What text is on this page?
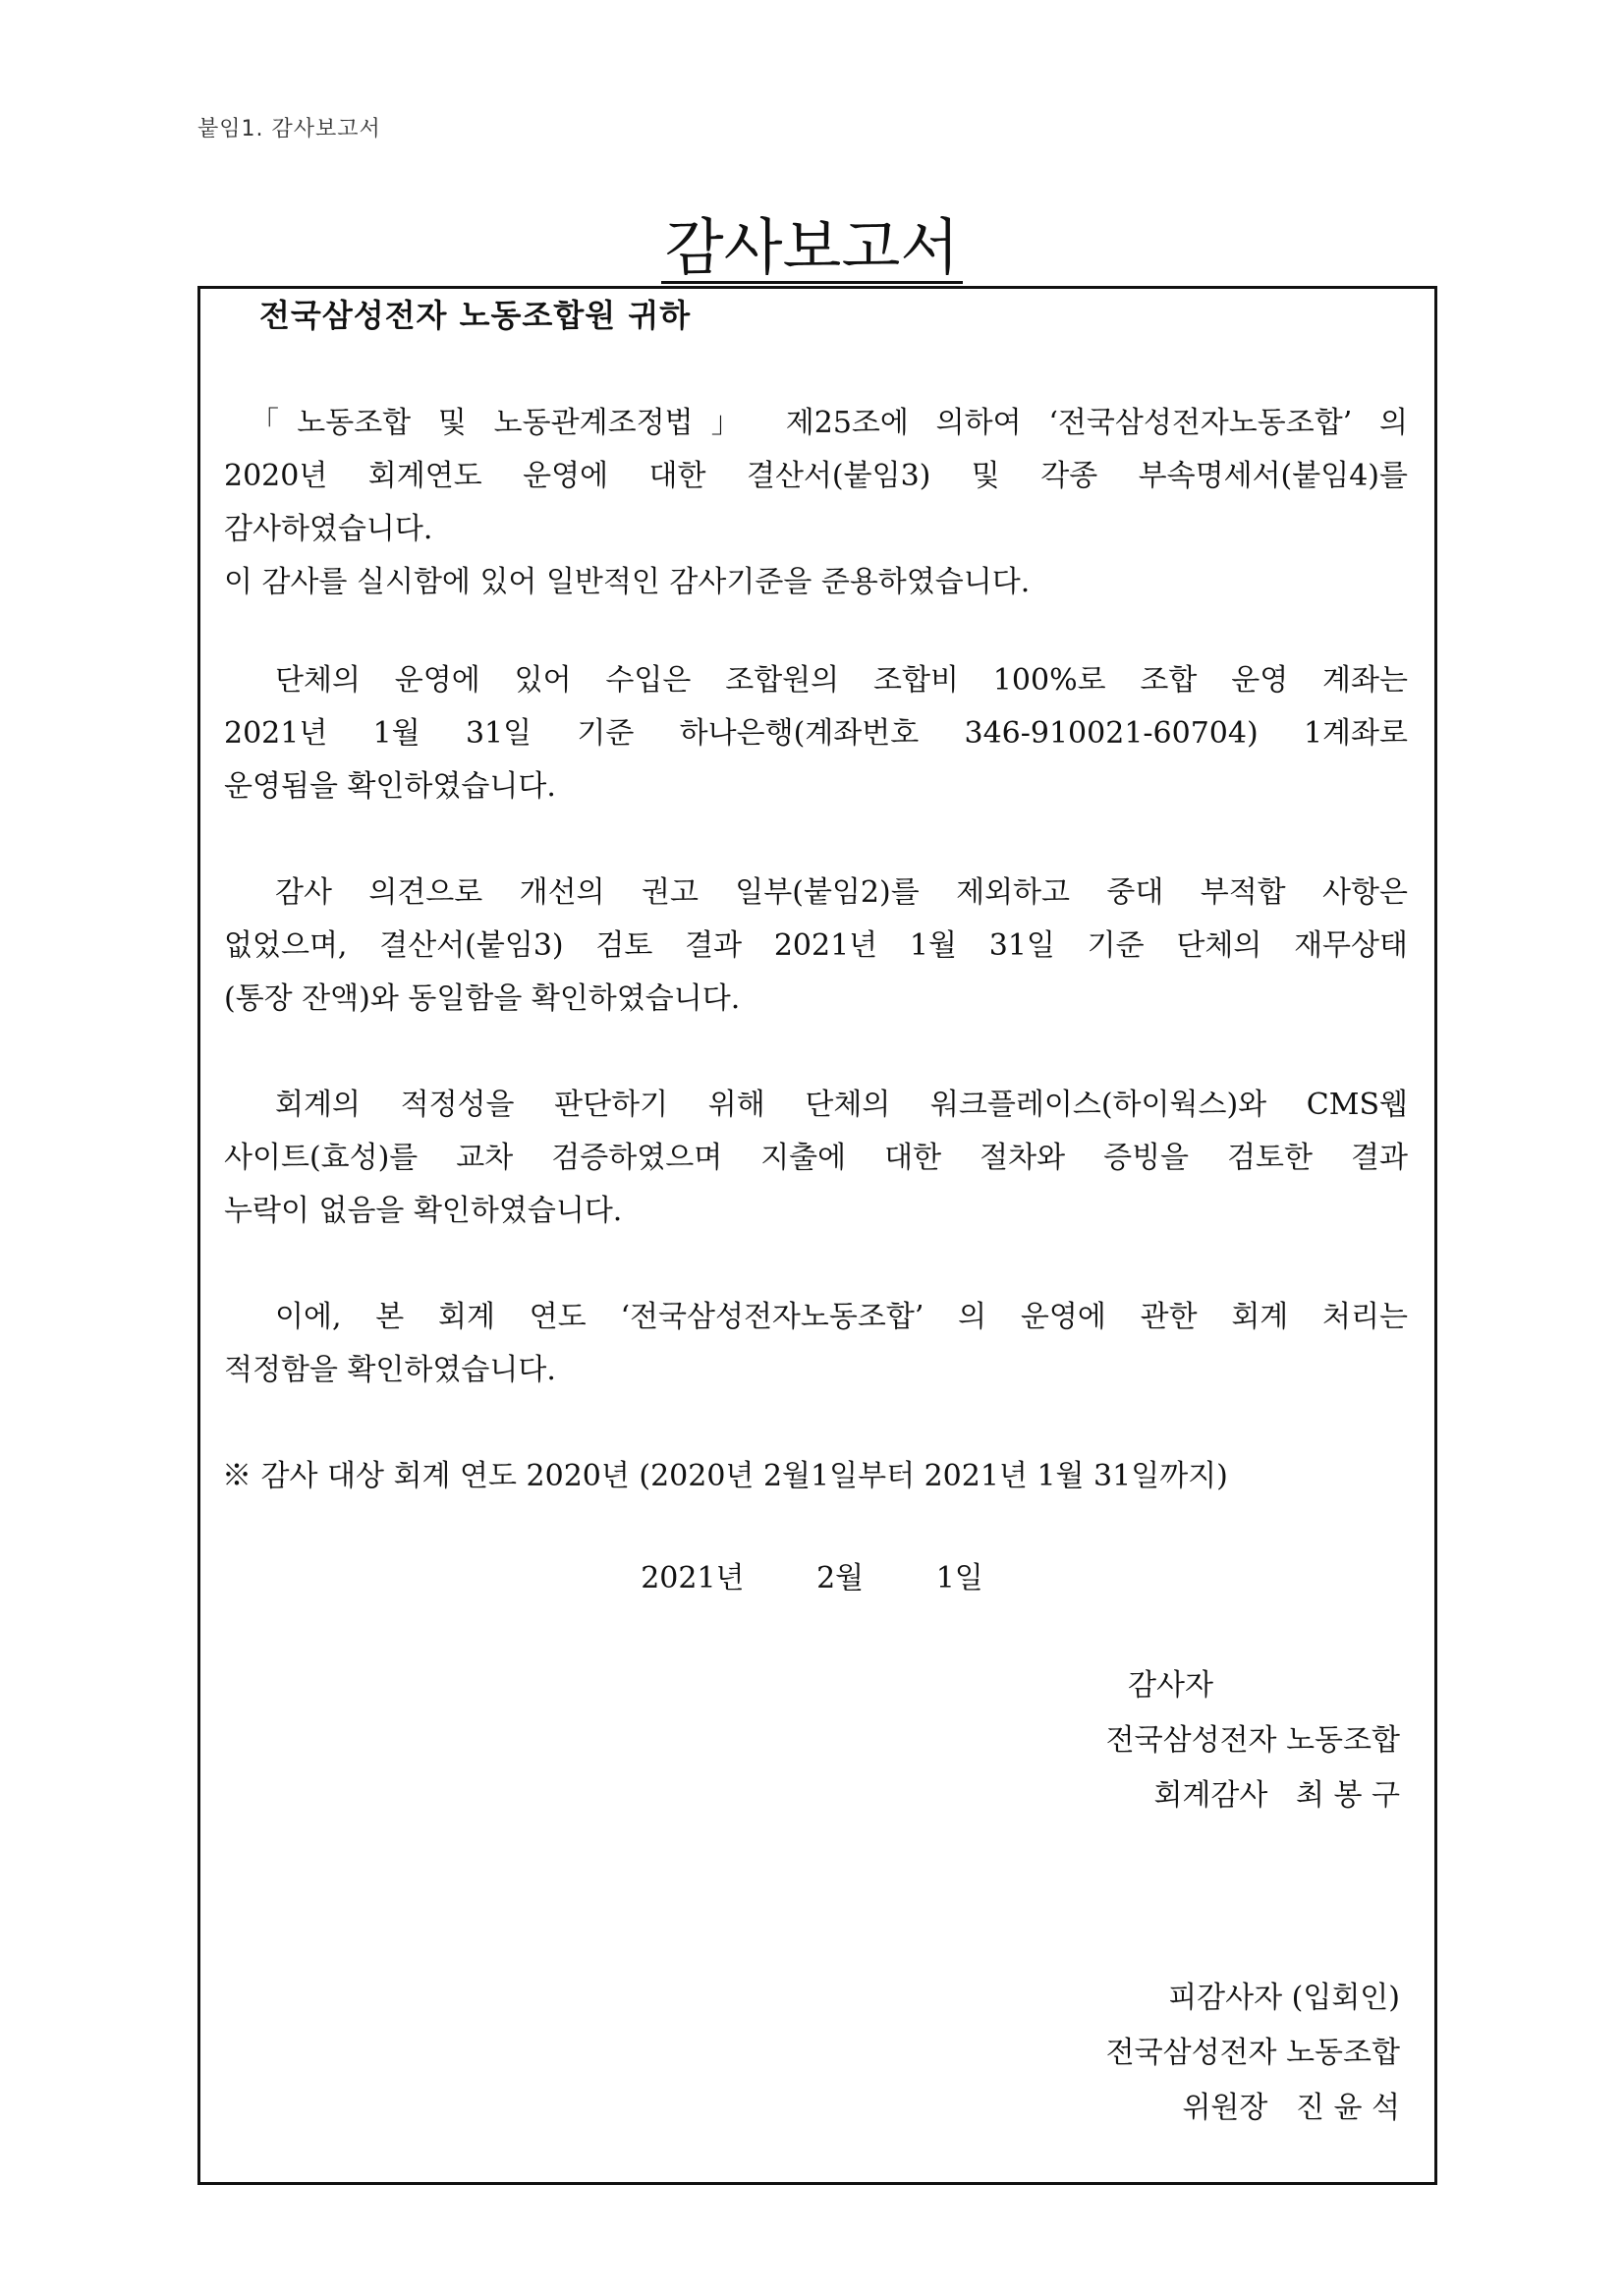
붙임1. 감사보고서
감사보고서
전국삼성전자 노동조합원 귀하

「노동조합 및 노동관계조정법」 제25조에 의하여 ‘전국삼성전자노동조합’ 의
2020년 회계연도 운영에 대한 결산서(붙임3) 및 각종 부속명세서(붙임4)를
감사하였습니다.
이 감사를 실시함에 있어 일반적인 감사기준을 준용하였습니다.

단체의 운영에 있어 수입은 조합원의 조합비 100%로 조합 운영 계좌는
2021년 1월 31일 기준 하나은행(계좌번호 346-910021-60704) 1계좌로
운영됨을 확인하였습니다.

감사 의견으로 개선의 권고 일부(붙임2)를 제외하고 중대 부적합 사항은
없었으며, 결산서(붙임3) 검토 결과 2021년 1월 31일 기준 단체의 재무상태
(통장 잔액)와 동일함을 확인하였습니다.

회계의 적정성을 판단하기 위해 단체의 워크플레이스(하이웍스)와 CMS웹
사이트(효성)를 교차 검증하였으며 지출에 대한 절차와 증빙을 검토한 결과
누락이 없음을 확인하였습니다.

이에, 본 회계 연도 ‘전국삼성전자노동조합’ 의 운영에 관한 회계 처리는
적정함을 확인하였습니다.

※ 감사 대상 회계 연도 2020년 (2020년 2월1일부터 2021년 1월 31일까지)
2021년 2월 1일
감사자
전국삼성전자 노동조합
회계감사   최 봉 구
피감사자 (입회인)
전국삼성전자 노동조합
위원장   진 윤 석
